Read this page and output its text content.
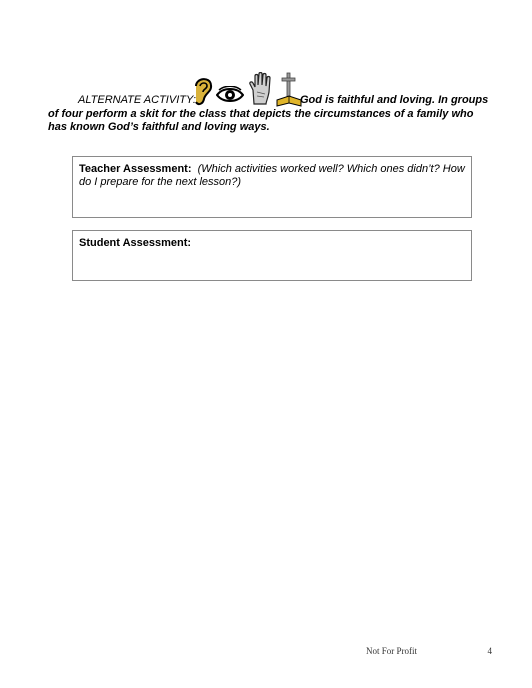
ALTERNATE ACTIVITY:	God is faithful and loving. In groups
of four perform a skit for the class that depicts the circumstances of a family who has known God’s faithful and loving ways.
Teacher Assessment: (Which activities worked well? Which ones didn’t? How do I prepare for the next lesson?)
Student Assessment:
Not For Profit	4
